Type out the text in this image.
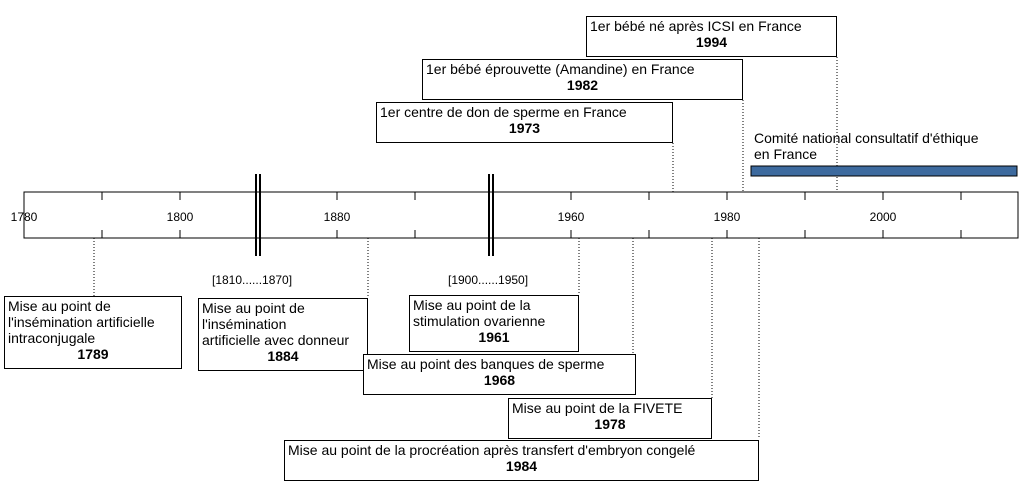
1780	1800	1880	1960	1980	2000
[1810......1870]	[1900......1950]
Comité national consultatif d'éthique
en France
1er bébé né après ICSI en France
1994
1er bébé éprouvette (Amandine) en France
1982
1er centre de don de sperme en France
1973
Mise au point de
l'insémination artificielle
intraconjugale
1789
Mise au point de
l'insémination
artificielle avec donneur
1884
Mise au point de la
stimulation ovarienne
1961
Mise au point des banques de sperme
1968
Mise au point de la FIVETE
1978
Mise au point de la procréation après transfert d'embryon congelé
1984
